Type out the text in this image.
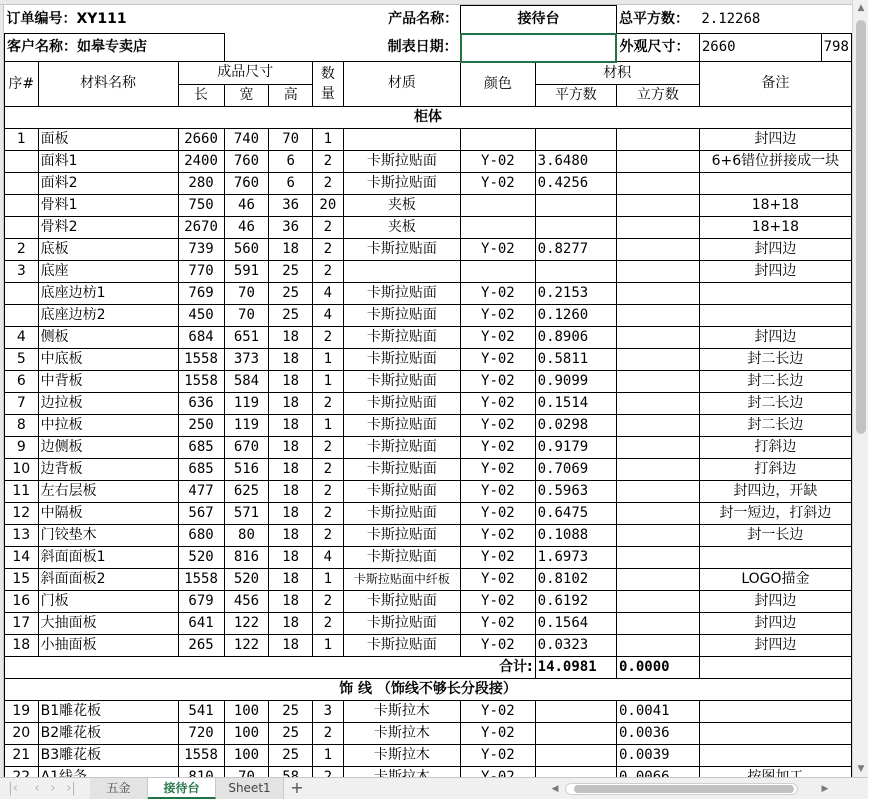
订单编号：XY111						产品名称：	接待台		总平方数：	2.12268	
客户名称：如皋专卖店						制表日期：			外观尺寸：	2660	798
序#	材料名称	成品尺寸			数量	材质	颜色	材积		备注	
		长	宽	高				平方数	立方数		
柜体											
1	面板	2660	740	70	1					封四边	
	面料1	2400	760	6	2	卡斯拉贴面	Y-02	3.6480		6+6错位拼接成一块	
	面料2	280	760	6	2	卡斯拉贴面	Y-02	0.4256			
	骨料1	750	46	36	20	夹板				18+18	
	骨料2	2670	46	36	2	夹板				18+18	
2	底板	739	560	18	2	卡斯拉贴面	Y-02	0.8277		封四边	
3	底座	770	591	25	2					封四边	
	底座边枋1	769	70	25	4	卡斯拉贴面	Y-02	0.2153			
	底座边枋2	450	70	25	4	卡斯拉贴面	Y-02	0.1260			
4	侧板	684	651	18	2	卡斯拉贴面	Y-02	0.8906		封四边	
5	中底板	1558	373	18	1	卡斯拉贴面	Y-02	0.5811		封二长边	
6	中背板	1558	584	18	1	卡斯拉贴面	Y-02	0.9099		封二长边	
7	边拉板	636	119	18	2	卡斯拉贴面	Y-02	0.1514		封二长边	
8	中拉板	250	119	18	1	卡斯拉贴面	Y-02	0.0298		封二长边	
9	边侧板	685	670	18	2	卡斯拉贴面	Y-02	0.9179		打斜边	
10	边背板	685	516	18	2	卡斯拉贴面	Y-02	0.7069		打斜边	
11	左右层板	477	625	18	2	卡斯拉贴面	Y-02	0.5963		封四边，开缺	
12	中隔板	567	571	18	2	卡斯拉贴面	Y-02	0.6475		封一短边，打斜边	
13	门铰垫木	680	80	18	2	卡斯拉贴面	Y-02	0.1088		封一长边	
14	斜面面板1	520	816	18	4	卡斯拉贴面	Y-02	1.6973			
15	斜面面板2	1558	520	18	1	卡斯拉贴面中纤板	Y-02	0.8102		LOGO描金	
16	门板	679	456	18	2	卡斯拉贴面	Y-02	0.6192		封四边	
17	大抽面板	641	122	18	2	卡斯拉贴面	Y-02	0.1564		封四边	
18	小抽面板	265	122	18	1	卡斯拉贴面	Y-02	0.0323		封四边	
合计:								14.0981	0.0000		
饰 线 （饰线不够长分段接）											
19	B1雕花板	541	100	25	3	卡斯拉木	Y-02		0.0041		
20	B2雕花板	720	100	25	2	卡斯拉木	Y-02		0.0036		
21	B3雕花板	1558	100	25	1	卡斯拉木	Y-02		0.0039		

▲
▼
|‹	‹ › ›|	五金	接待台	Sheet1	+	◀	▶
